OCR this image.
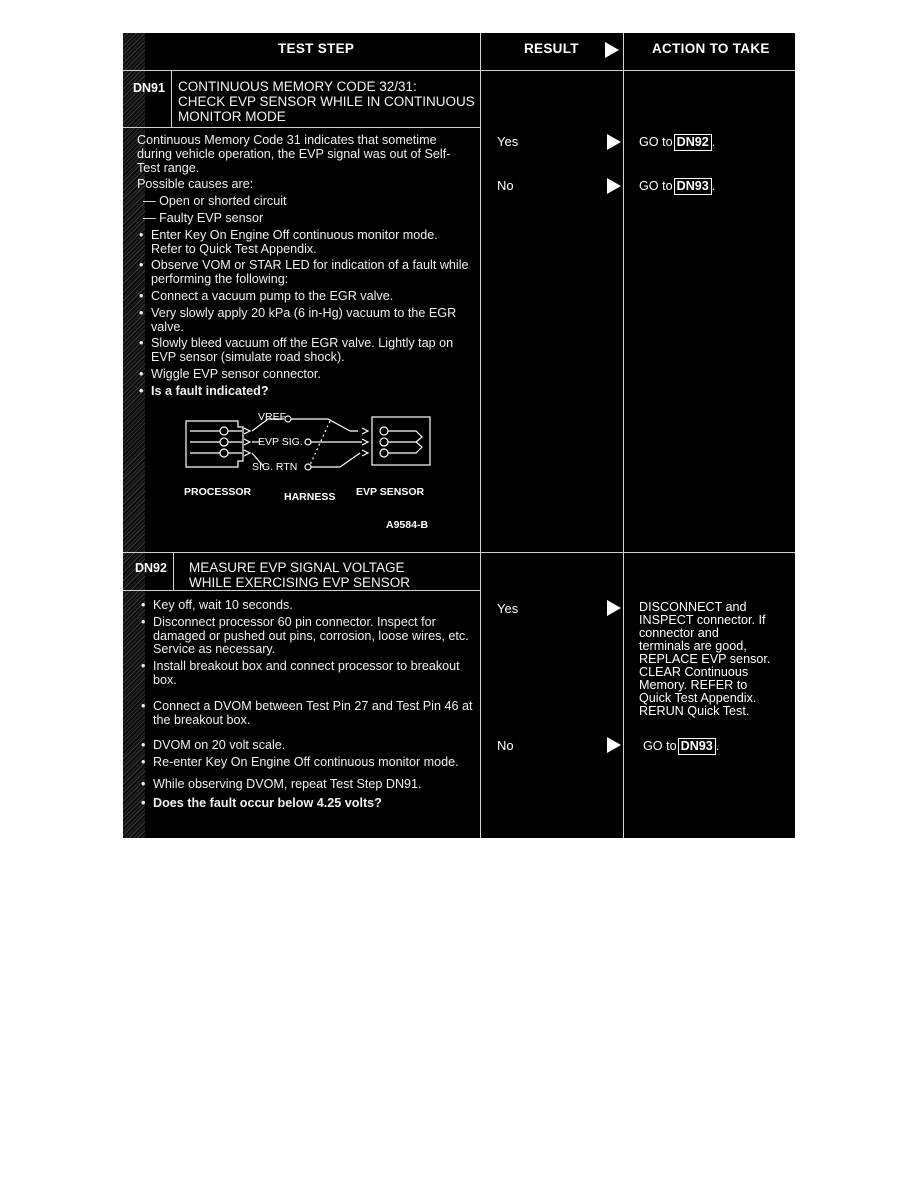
TEST STEP	RESULT	ACTION TO TAKE
DN91 CONTINUOUS MEMORY CODE 32/31:
CHECK EVP SENSOR WHILE IN CONTINUOUS
MONITOR MODE

Continuous Memory Code 31 indicates that sometime during vehicle operation, the EVP signal was out of Self-Test range.

Possible causes are:

— Open or shorted circuit

— Faulty EVP sensor

• Enter Key On Engine Off continuous monitor mode. Refer to Quick Test Appendix.

• Observe VOM or STAR LED for indication of a fault while performing the following:

• Connect a vacuum pump to the EGR valve.

• Very slowly apply 20 kPa (6 in-Hg) vacuum to the EGR valve.

• Slowly bleed vacuum off the EGR valve. Lightly tap on EVP sensor (simulate road shock).

• Wiggle EVP sensor connector.

• Is a fault indicated?

VREF
EVP SIG.
SIG. RTN
PROCESSOR	HARNESS EVP SENSOR
A9584-B
Yes	GO to DN92 .
No	GO to DN93 .
DN92 MEASURE EVP SIGNAL VOLTAGE
WHILE EXERCISING EVP SENSOR

• Key off, wait 10 seconds.

• Disconnect processor 60 pin connector. Inspect for damaged or pushed out pins, corrosion, loose wires, etc. Service as necessary.

• Install breakout box and connect processor to breakout box.

• Connect a DVOM between Test Pin 27 and Test Pin 46 at the breakout box.

• DVOM on 20 volt scale.

• Re-enter Key On Engine Off continuous monitor mode.

• While observing DVOM, repeat Test Step DN91.

• Does the fault occur below 4.25 volts?

Yes	DISCONNECT and
INSPECT connector. If
connector and
terminals are good,
REPLACE EVP sensor.
CLEAR Continuous
Memory. REFER to
Quick Test Appendix.
RERUN Quick Test.
No	GO to DN93 .
